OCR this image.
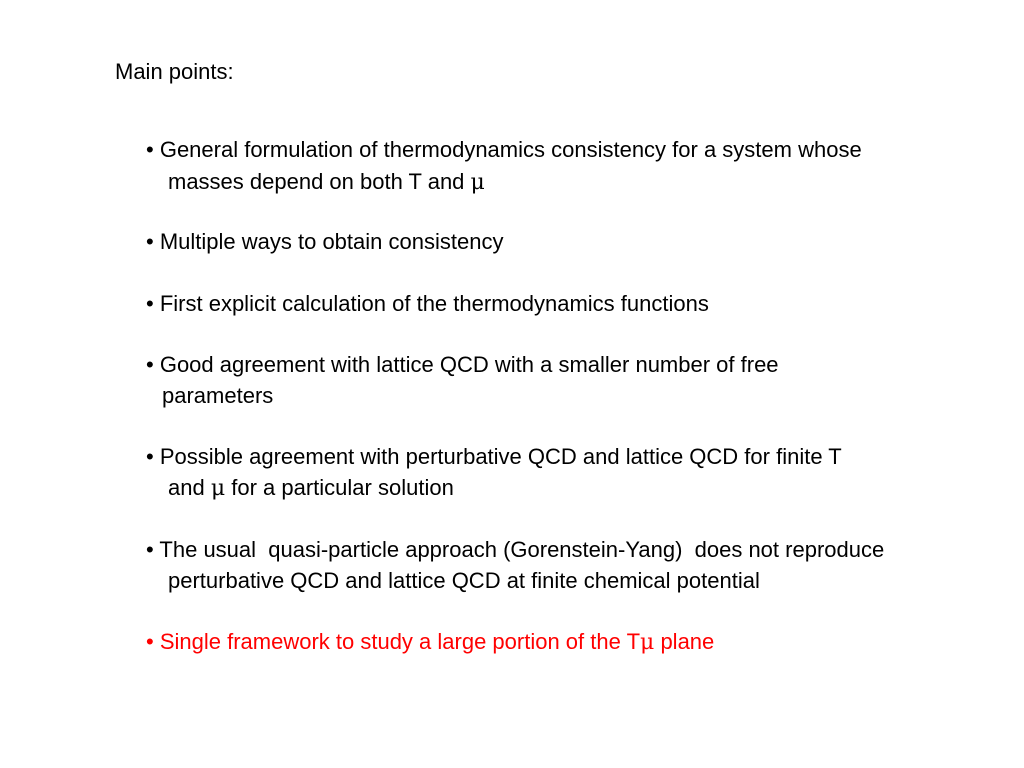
Main points:

• General formulation of thermodynamics consistency for a system whose

masses depend on both T and μ

• Multiple ways to obtain consistency

• First explicit calculation of the thermodynamics functions

• Good agreement with lattice QCD with a smaller number of free

parameters

• Possible agreement with perturbative QCD and lattice QCD for finite T

and μ for a particular solution

• The usual  quasi-particle approach (Gorenstein-Yang)  does not reproduce

perturbative QCD and lattice QCD at finite chemical potential

• Single framework to study a large portion of the Tμ plane
